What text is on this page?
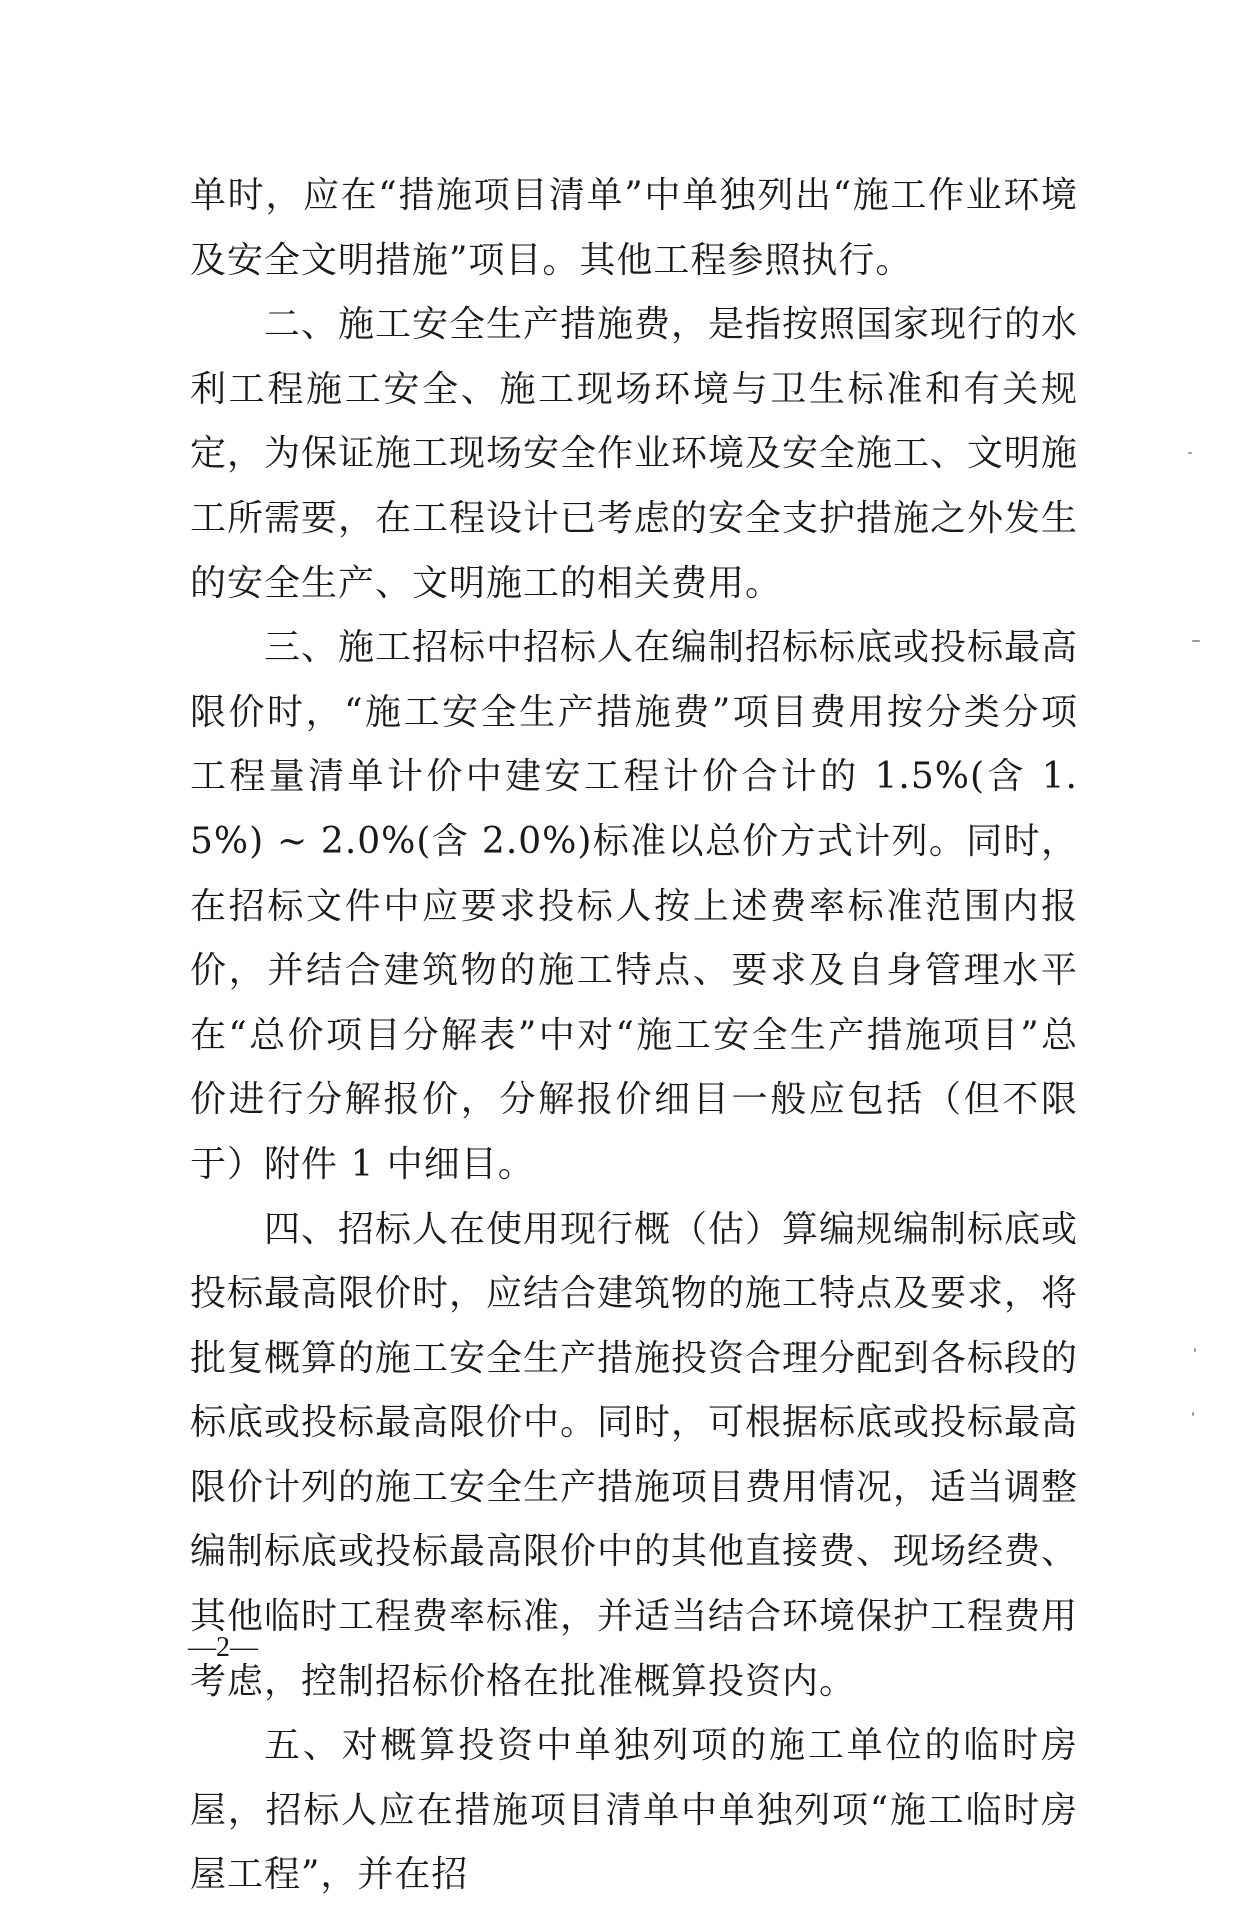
单时，应在“措施项目清单”中单独列出“施工作业环境及安全文明措施”项目。其他工程参照执行。

二、施工安全生产措施费，是指按照国家现行的水利工程施工安全、施工现场环境与卫生标准和有关规定，为保证施工现场安全作业环境及安全施工、文明施工所需要，在工程设计已考虑的安全支护措施之外发生的安全生产、文明施工的相关费用。

三、施工招标中招标人在编制招标标底或投标最高限价时，“施工安全生产措施费”项目费用按分类分项工程量清单计价中建安工程计价合计的 1.5%(含 1.5%) ~ 2.0%(含 2.0%)标准以总价方式计列。同时，在招标文件中应要求投标人按上述费率标准范围内报价，并结合建筑物的施工特点、要求及自身管理水平在“总价项目分解表”中对“施工安全生产措施项目”总价进行分解报价，分解报价细目一般应包括（但不限于）附件 1 中细目。

四、招标人在使用现行概（估）算编规编制标底或投标最高限价时，应结合建筑物的施工特点及要求，将批复概算的施工安全生产措施投资合理分配到各标段的标底或投标最高限价中。同时，可根据标底或投标最高限价计列的施工安全生产措施项目费用情况，适当调整编制标底或投标最高限价中的其他直接费、现场经费、其他临时工程费率标准，并适当结合环境保护工程费用考虑，控制招标价格在批准概算投资内。

五、对概算投资中单独列项的施工单位的临时房屋，招标人应在措施项目清单中单独列项“施工临时房屋工程”，并在招

—2—
